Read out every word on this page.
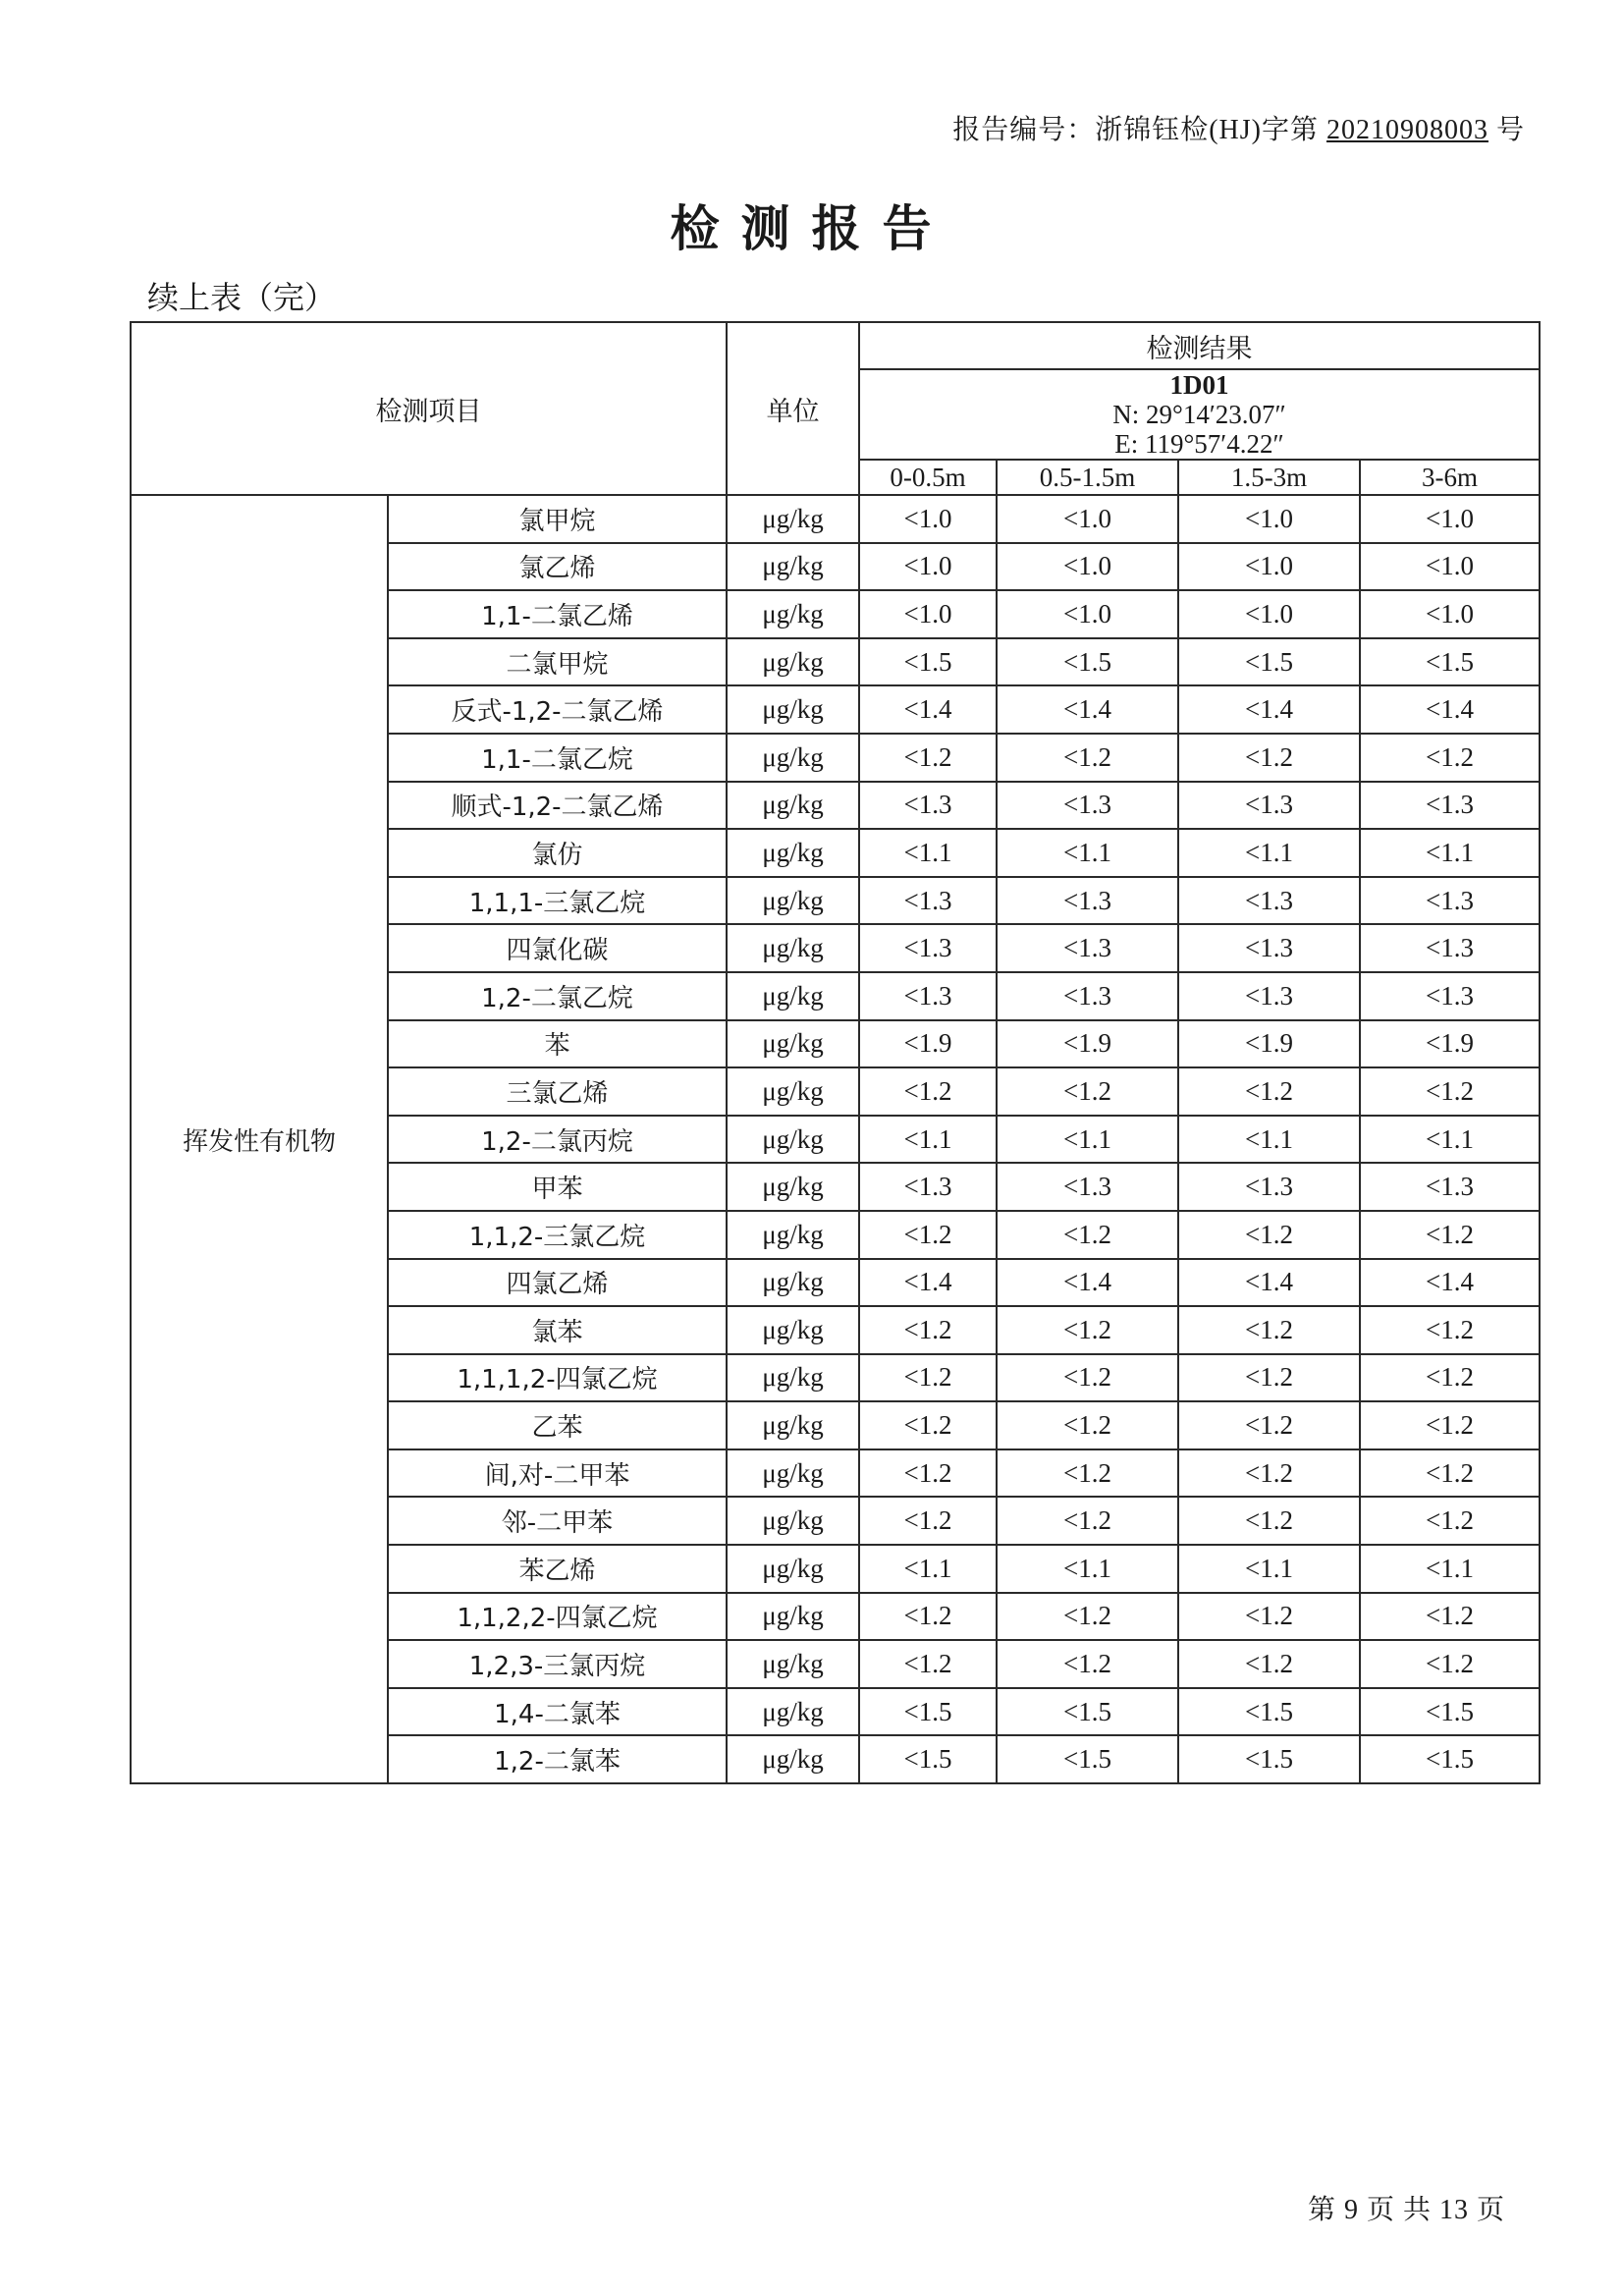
报告编号：浙锦钰检(HJ)字第 20210908003 号
检测报告
续上表（完）
检测项目		单位	检测结果			

			1D01
N: 29°14′23.07″
E: 119°57′4.22″			

			0-0.5m	0.5-1.5m	1.5-3m	3-6m
挥发性有机物	氯甲烷	μg/kg	<1.0	<1.0	<1.0	<1.0
	氯乙烯	μg/kg	<1.0	<1.0	<1.0	<1.0
	1,1-二氯乙烯	μg/kg	<1.0	<1.0	<1.0	<1.0
	二氯甲烷	μg/kg	<1.5	<1.5	<1.5	<1.5
	反式-1,2-二氯乙烯	μg/kg	<1.4	<1.4	<1.4	<1.4
	1,1-二氯乙烷	μg/kg	<1.2	<1.2	<1.2	<1.2
	顺式-1,2-二氯乙烯	μg/kg	<1.3	<1.3	<1.3	<1.3
	氯仿	μg/kg	<1.1	<1.1	<1.1	<1.1
	1,1,1-三氯乙烷	μg/kg	<1.3	<1.3	<1.3	<1.3
	四氯化碳	μg/kg	<1.3	<1.3	<1.3	<1.3
	1,2-二氯乙烷	μg/kg	<1.3	<1.3	<1.3	<1.3
	苯	μg/kg	<1.9	<1.9	<1.9	<1.9
	三氯乙烯	μg/kg	<1.2	<1.2	<1.2	<1.2
	1,2-二氯丙烷	μg/kg	<1.1	<1.1	<1.1	<1.1
	甲苯	μg/kg	<1.3	<1.3	<1.3	<1.3
	1,1,2-三氯乙烷	μg/kg	<1.2	<1.2	<1.2	<1.2
	四氯乙烯	μg/kg	<1.4	<1.4	<1.4	<1.4
	氯苯	μg/kg	<1.2	<1.2	<1.2	<1.2
	1,1,1,2-四氯乙烷	μg/kg	<1.2	<1.2	<1.2	<1.2
	乙苯	μg/kg	<1.2	<1.2	<1.2	<1.2
	间,对-二甲苯	μg/kg	<1.2	<1.2	<1.2	<1.2
	邻-二甲苯	μg/kg	<1.2	<1.2	<1.2	<1.2
	苯乙烯	μg/kg	<1.1	<1.1	<1.1	<1.1
	1,1,2,2-四氯乙烷	μg/kg	<1.2	<1.2	<1.2	<1.2
	1,2,3-三氯丙烷	μg/kg	<1.2	<1.2	<1.2	<1.2
	1,4-二氯苯	μg/kg	<1.5	<1.5	<1.5	<1.5
	1,2-二氯苯	μg/kg	<1.5	<1.5	<1.5	<1.5
第 9 页 共 13 页
